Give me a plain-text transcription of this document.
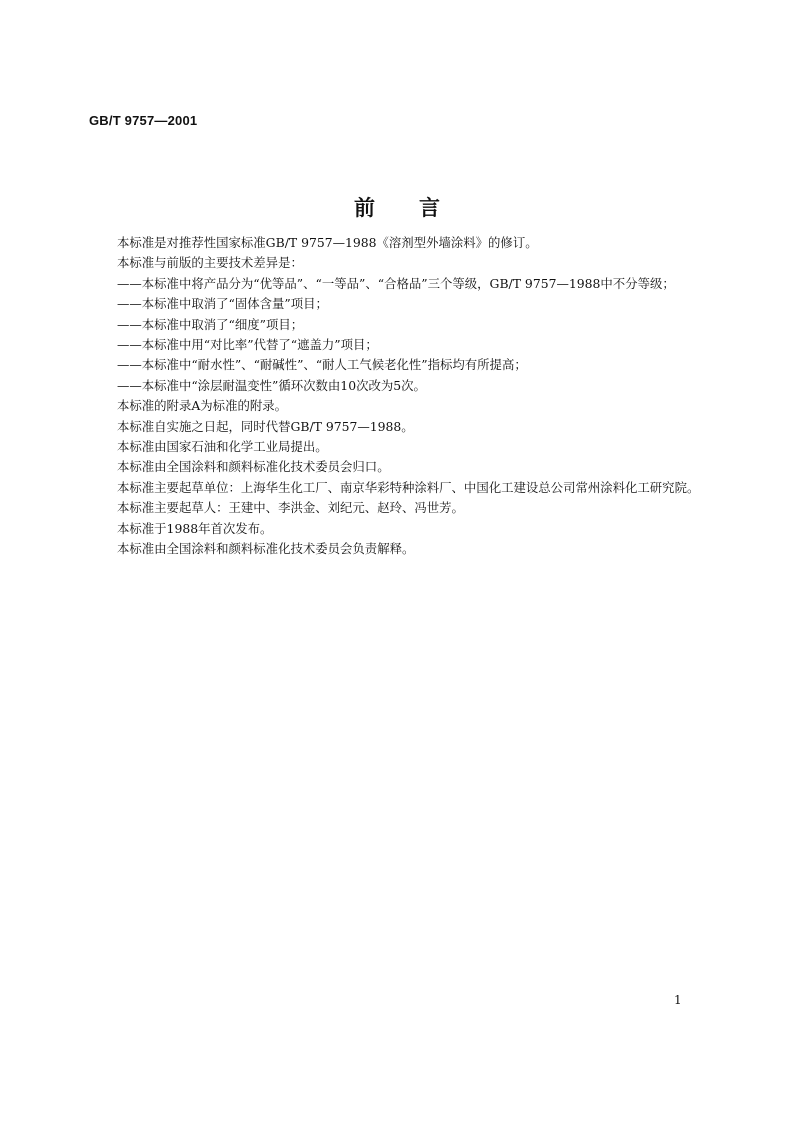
GB/T 9757—2001
前言

本标准是对推荐性国家标准GB/T 9757—1988《溶剂型外墙涂料》的修订。

本标准与前版的主要技术差异是：

——本标准中将产品分为“优等品”、“一等品”、“合格品”三个等级，GB/T 9757—1988中不分等级；

——本标准中取消了“固体含量”项目；

——本标准中取消了“细度”项目；

——本标准中用“对比率”代替了“遮盖力”项目；

——本标准中“耐水性”、“耐碱性”、“耐人工气候老化性”指标均有所提高；

——本标准中“涂层耐温变性”循环次数由10次改为5次。

本标准的附录A为标准的附录。

本标准自实施之日起，同时代替GB/T 9757—1988。

本标准由国家石油和化学工业局提出。

本标准由全国涂料和颜料标准化技术委员会归口。

本标准主要起草单位：上海华生化工厂、南京华彩特种涂料厂、中国化工建设总公司常州涂料化工研究院。

本标准主要起草人：王建中、李洪金、刘纪元、赵玲、冯世芳。

本标准于1988年首次发布。

本标准由全国涂料和颜料标准化技术委员会负责解释。

1
